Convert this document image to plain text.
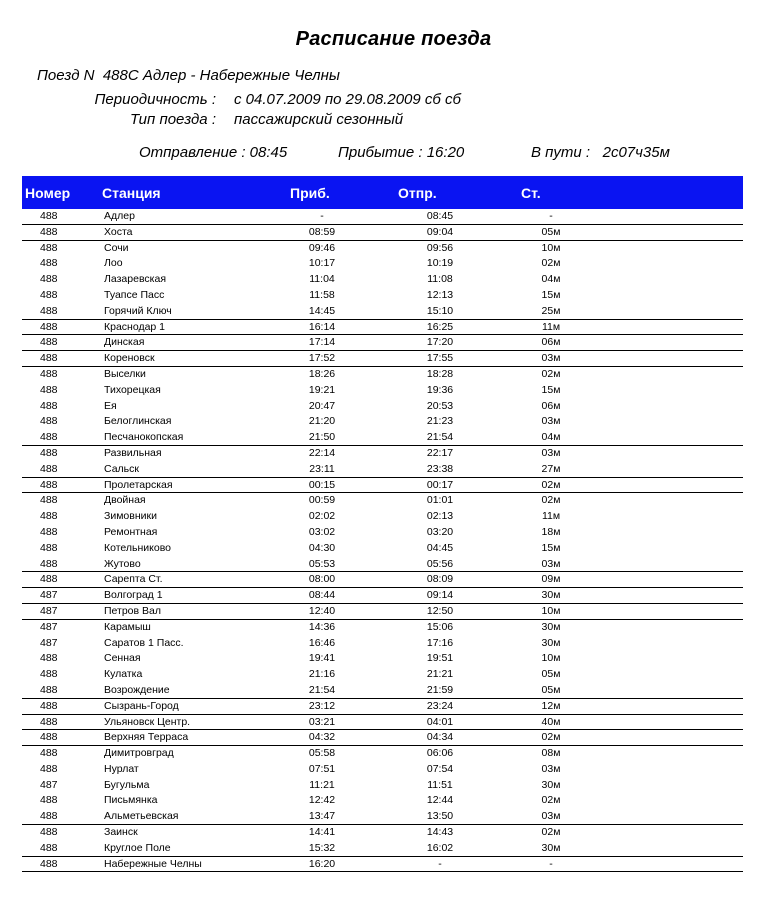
Расписание поезда
Поезд N 488С Адлер - Набережные Челны
Периодичность : с 04.07.2009 по 29.08.2009 сб сб
Тип поезда : пассажирский сезонный
Отправление : 08:45	Прибытие : 16:20	В пути :   2с07ч35м
Номер Станция	Приб.	Отпр.	Ст.
488	Адлер	-	08:45	-
488	Хоста	08:59	09:04	05м
488	Сочи	09:46	09:56	10м
488	Лоо	10:17	10:19	02м
488	Лазаревская	11:04	11:08	04м
488	Туапсе Пасс	11:58	12:13	15м
488	Горячий Ключ	14:45	15:10	25м
488	Краснодар 1	16:14	16:25	11м
488	Динская	17:14	17:20	06м
488	Кореновск	17:52	17:55	03м
488	Выселки	18:26	18:28	02м
488	Тихорецкая	19:21	19:36	15м
488	Ея	20:47	20:53	06м
488	Белоглинская	21:20	21:23	03м
488	Песчанокопская	21:50	21:54	04м
488	Развильная	22:14	22:17	03м
488	Сальск	23:11	23:38	27м
488	Пролетарская	00:15	00:17	02м
488	Двойная	00:59	01:01	02м
488	Зимовники	02:02	02:13	11м
488	Ремонтная	03:02	03:20	18м
488	Котельниково	04:30	04:45	15м
488	Жутово	05:53	05:56	03м
488	Сарепта Ст.	08:00	08:09	09м
487	Волгоград 1	08:44	09:14	30м
487	Петров Вал	12:40	12:50	10м
487	Карамыш	14:36	15:06	30м
487	Саратов 1 Пасс.	16:46	17:16	30м
488	Сенная	19:41	19:51	10м
488	Кулатка	21:16	21:21	05м
488	Возрождение	21:54	21:59	05м
488	Сызрань-Город	23:12	23:24	12м
488	Ульяновск Центр.	03:21	04:01	40м
488	Верхняя Терраса	04:32	04:34	02м
488	Димитровград	05:58	06:06	08м
488	Нурлат	07:51	07:54	03м
487	Бугульма	11:21	11:51	30м
488	Письмянка	12:42	12:44	02м
488	Альметьевская	13:47	13:50	03м
488	Заинск	14:41	14:43	02м
488	Круглое Поле	15:32	16:02	30м
488	Набережные Челны	16:20	-	-
